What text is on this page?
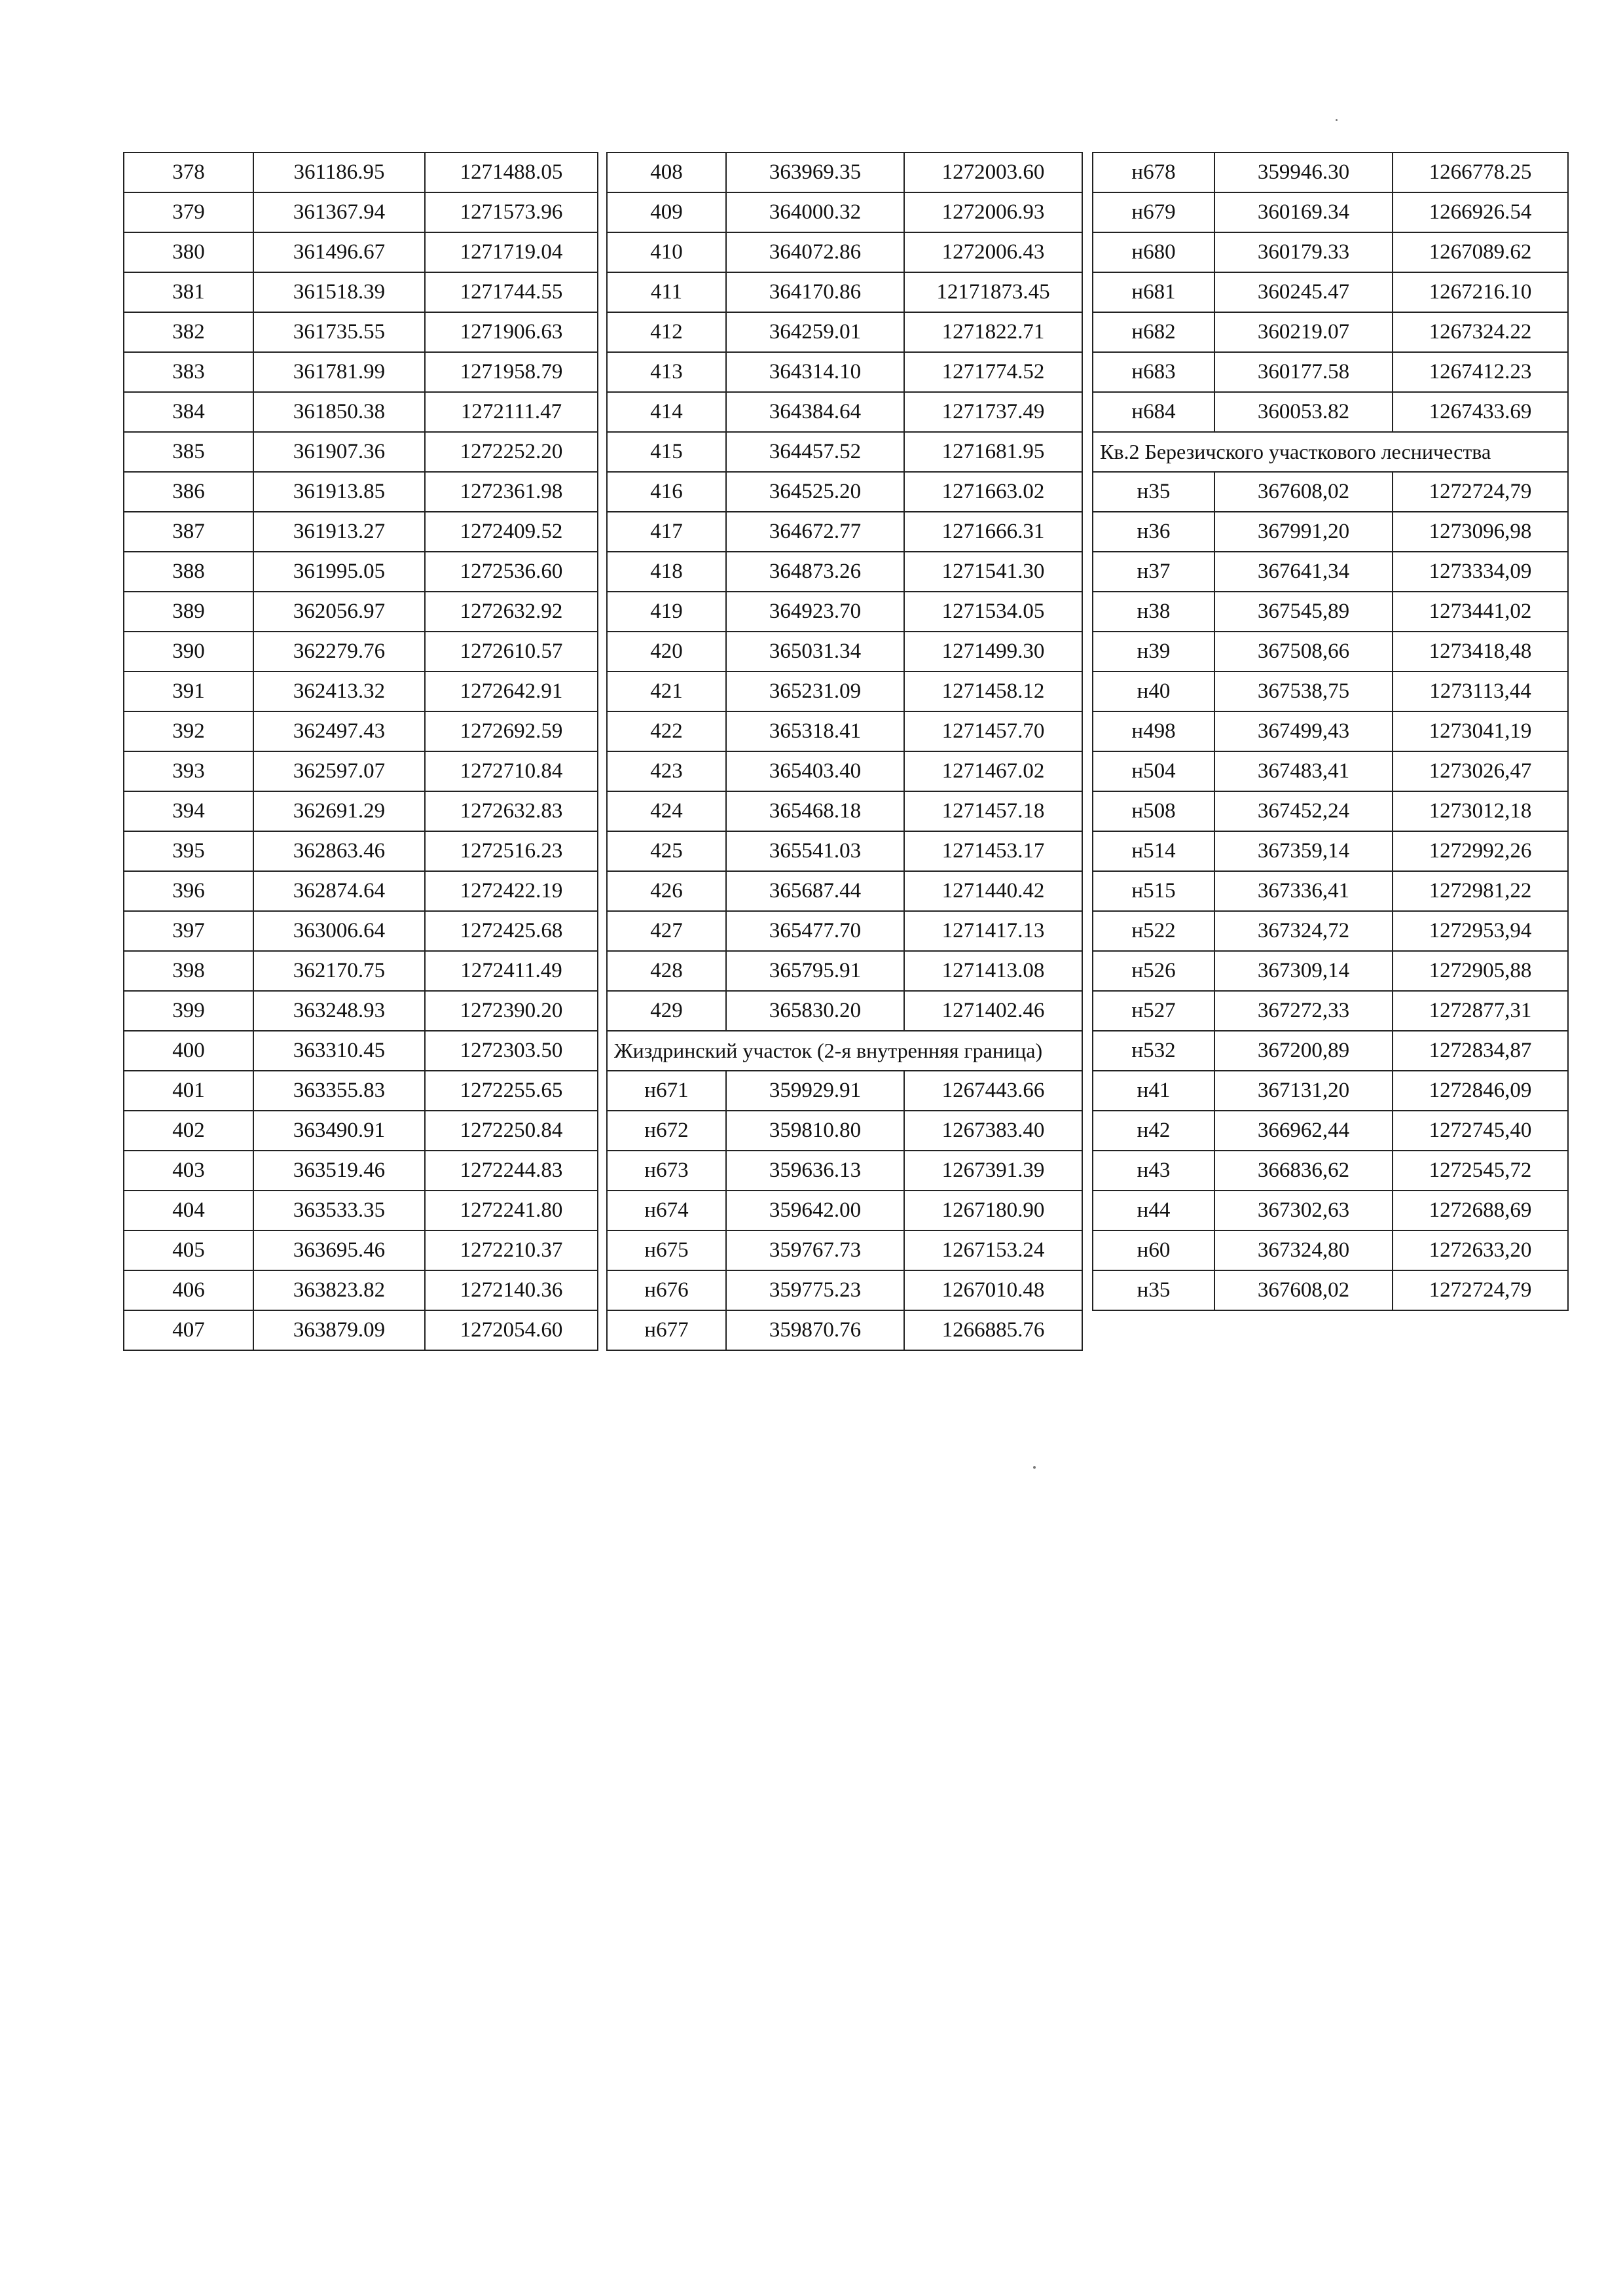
378	361186.95	1271488.05
379	361367.94	1271573.96
380	361496.67	1271719.04
381	361518.39	1271744.55
382	361735.55	1271906.63
383	361781.99	1271958.79
384	361850.38	1272111.47
385	361907.36	1272252.20
386	361913.85	1272361.98
387	361913.27	1272409.52
388	361995.05	1272536.60
389	362056.97	1272632.92
390	362279.76	1272610.57
391	362413.32	1272642.91
392	362497.43	1272692.59
393	362597.07	1272710.84
394	362691.29	1272632.83
395	362863.46	1272516.23
396	362874.64	1272422.19
397	363006.64	1272425.68
398	362170.75	1272411.49
399	363248.93	1272390.20
400	363310.45	1272303.50
401	363355.83	1272255.65
402	363490.91	1272250.84
403	363519.46	1272244.83
404	363533.35	1272241.80
405	363695.46	1272210.37
406	363823.82	1272140.36
407	363879.09	1272054.60
408	363969.35	1272003.60
409	364000.32	1272006.93
410	364072.86	1272006.43
411	364170.86	12171873.45
412	364259.01	1271822.71
413	364314.10	1271774.52
414	364384.64	1271737.49
415	364457.52	1271681.95
416	364525.20	1271663.02
417	364672.77	1271666.31
418	364873.26	1271541.30
419	364923.70	1271534.05
420	365031.34	1271499.30
421	365231.09	1271458.12
422	365318.41	1271457.70
423	365403.40	1271467.02
424	365468.18	1271457.18
425	365541.03	1271453.17
426	365687.44	1271440.42
427	365477.70	1271417.13
428	365795.91	1271413.08
429	365830.20	1271402.46
Жиздринский участок (2-я внутренняя граница)		
н671	359929.91	1267443.66
н672	359810.80	1267383.40
н673	359636.13	1267391.39
н674	359642.00	1267180.90
н675	359767.73	1267153.24
н676	359775.23	1267010.48
н677	359870.76	1266885.76
н678	359946.30	1266778.25
н679	360169.34	1266926.54
н680	360179.33	1267089.62
н681	360245.47	1267216.10
н682	360219.07	1267324.22
н683	360177.58	1267412.23
н684	360053.82	1267433.69
Кв.2 Березичского участкового лесничества		
н35	367608,02	1272724,79
н36	367991,20	1273096,98
н37	367641,34	1273334,09
н38	367545,89	1273441,02
н39	367508,66	1273418,48
н40	367538,75	1273113,44
н498	367499,43	1273041,19
н504	367483,41	1273026,47
н508	367452,24	1273012,18
н514	367359,14	1272992,26
н515	367336,41	1272981,22
н522	367324,72	1272953,94
н526	367309,14	1272905,88
н527	367272,33	1272877,31
н532	367200,89	1272834,87
н41	367131,20	1272846,09
н42	366962,44	1272745,40
н43	366836,62	1272545,72
н44	367302,63	1272688,69
н60	367324,80	1272633,20
н35	367608,02	1272724,79
